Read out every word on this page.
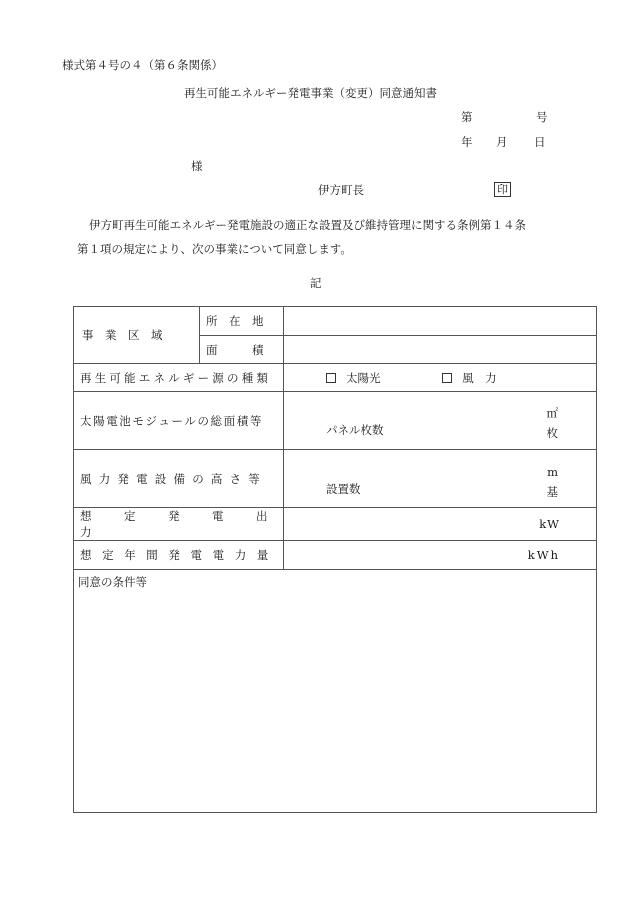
様式第４号の４（第６条関係）
再生可能エネルギー発電事業（変更）同意通知書
第	号
年 月 日
様
伊方町長	印
伊方町再生可能エネルギー発電施設の適正な設置及び維持管理に関する条例第１４条
第１項の規定により、次の事業について同意します。
記
事　業　区　域	所　在　地	

	面　　　積	

再生可能エネルギー源の種類		太陽光 風　力

太陽電池モジュールの総面積等		㎡
パネル枚数 枚

風力発電設備の高さ等		m
設置数 基

想　定　発　電　出　力		kW

想定年間発電電力量		kWh

同意の条件等		
